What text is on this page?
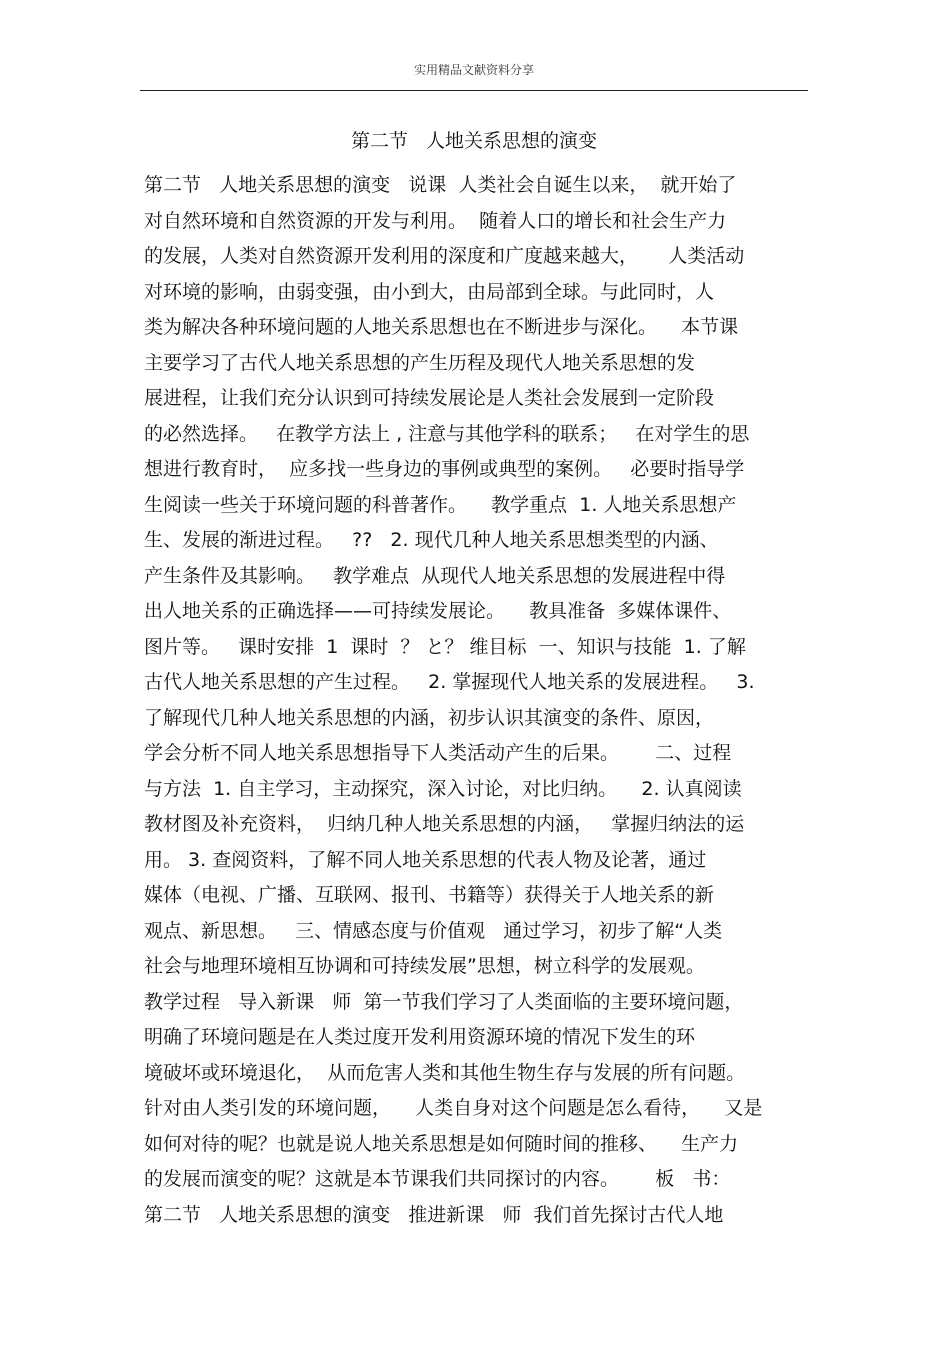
实用精品文献资料分享
第二节   人地关系思想的演变
第二节   人地关系思想的演变   说课  人类社会自诞生以来，  就开始了
对自然环境和自然资源的开发与利用。  随着人口的增长和社会生产力
的发展，人类对自然资源开发利用的深度和广度越来越大，     人类活动
对环境的影响，由弱变强，由小到大，由局部到全球。与此同时，人
类为解决各种环境问题的人地关系思想也在不断进步与深化。    本节课
主要学习了古代人地关系思想的产生历程及现代人地关系思想的发
展进程，让我们充分认识到可持续发展论是人类社会发展到一定阶段
的必然选择。   在教学方法上 , 注意与其他学科的联系；   在对学生的思
想进行教育时，  应多找一些身边的事例或典型的案例。   必要时指导学
生阅读一些关于环境问题的科普著作。    教学重点  1. 人地关系思想产
生、发展的渐进过程。   ??   2. 现代几种人地关系思想类型的内涵、
产生条件及其影响。   教学难点  从现代人地关系思想的发展进程中得
出人地关系的正确选择——可持续发展论。    教具准备  多媒体课件、
图片等。   课时安排  1  课时  ？ と？ 维目标  一、知识与技能  1. 了解
古代人地关系思想的产生过程。   2. 掌握现代人地关系的发展进程。   3.
了解现代几种人地关系思想的内涵，初步认识其演变的条件、原因，
学会分析不同人地关系思想指导下人类活动产生的后果。      二、过程
与方法  1. 自主学习，主动探究，深入讨论，对比归纳。    2. 认真阅读
教材图及补充资料，  归纳几种人地关系思想的内涵，   掌握归纳法的运
用。 3. 查阅资料，了解不同人地关系思想的代表人物及论著，通过
媒体（电视、广播、互联网、报刊、书籍等）获得关于人地关系的新
观点、新思想。   三、情感态度与价值观   通过学习，初步了解“人类
社会与地理环境相互协调和可持续发展”思想，树立科学的发展观。
教学过程   导入新课   师  第一节我们学习了人类面临的主要环境问题，
明确了环境问题是在人类过度开发利用资源环境的情况下发生的环
境破坏或环境退化，  从而危害人类和其他生物生存与发展的所有问题。
针对由人类引发的环境问题，    人类自身对这个问题是怎么看待，    又是
如何对待的呢？也就是说人地关系思想是如何随时间的推移、    生产力
的发展而演变的呢？这就是本节课我们共同探讨的内容。      板   书：
第二节   人地关系思想的演变   推进新课   师  我们首先探讨古代人地
